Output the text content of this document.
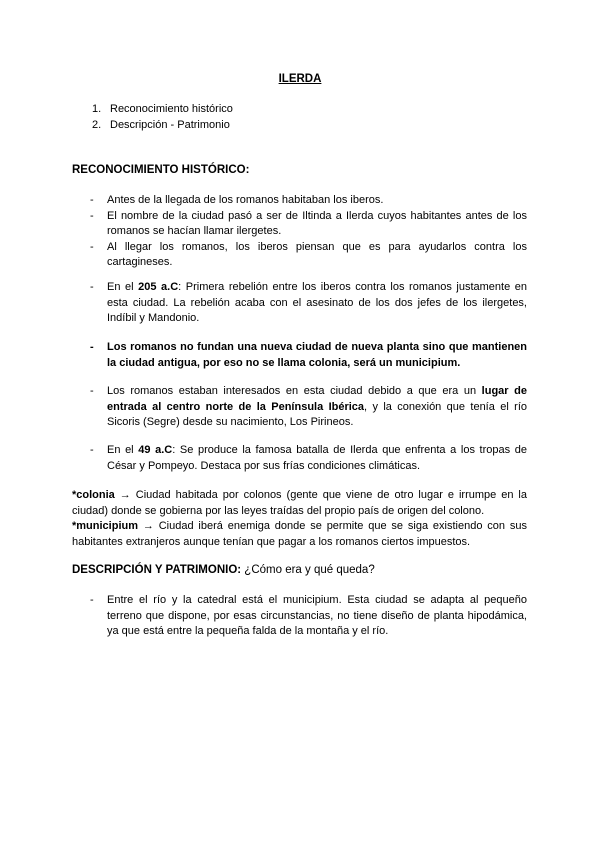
ILERDA
1. Reconocimiento histórico
2. Descripción - Patrimonio
RECONOCIMIENTO HISTÓRICO:
- Antes de la llegada de los romanos habitaban los iberos.
- El nombre de la ciudad pasó a ser de Iltinda a Ilerda cuyos habitantes antes de los romanos se hacían llamar ilergetes.
- Al llegar los romanos, los iberos piensan que es para ayudarlos contra los cartagineses.
- En el 205 a.C: Primera rebelión entre los iberos contra los romanos justamente en esta ciudad. La rebelión acaba con el asesinato de los dos jefes de los ilergetes, Indíbil y Mandonio.
- Los romanos no fundan una nueva ciudad de nueva planta sino que mantienen la ciudad antigua, por eso no se llama colonia, será un municipium.
- Los romanos estaban interesados en esta ciudad debido a que era un lugar de entrada al centro norte de la Península Ibérica, y la conexión que tenía el río Sicoris (Segre) desde su nacimiento, Los Pirineos.
- En el 49 a.C: Se produce la famosa batalla de Ilerda que enfrenta a los tropas de César y Pompeyo. Destaca por sus frías condiciones climáticas.
*colonia → Ciudad habitada por colonos (gente que viene de otro lugar e irrumpe en la ciudad) donde se gobierna por las leyes traídas del propio país de origen del colono.
*municipium → Ciudad iberá enemiga donde se permite que se siga existiendo con sus habitantes extranjeros aunque tenían que pagar a los romanos ciertos impuestos.
DESCRIPCIÓN Y PATRIMONIO: ¿Cómo era y qué queda?
- Entre el río y la catedral está el municipium. Esta ciudad se adapta al pequeño terreno que dispone, por esas circunstancias, no tiene diseño de planta hipodámica, ya que está entre la pequeña falda de la montaña y el río.
